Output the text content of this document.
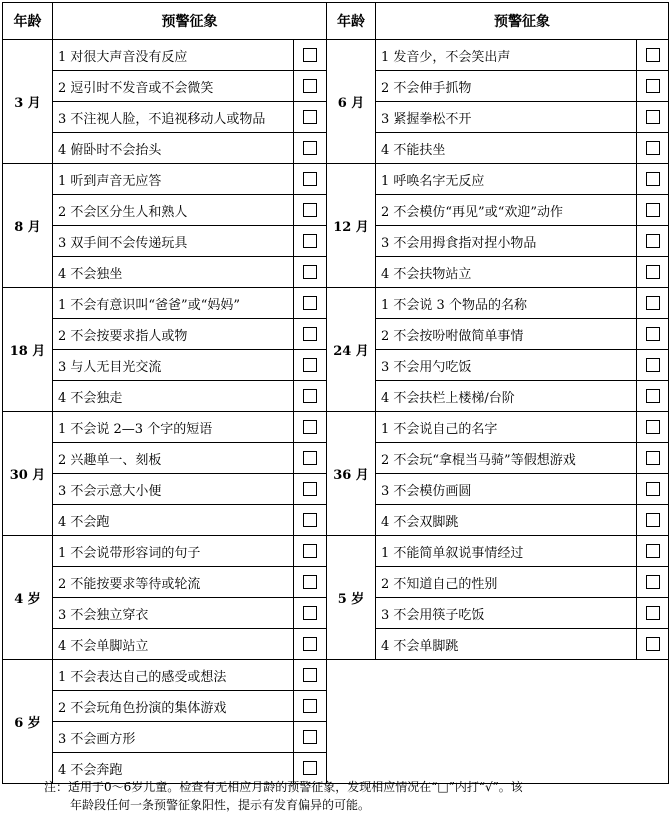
年龄	预警征象		年龄	预警征象	
3 月	1 对很大声音没有反应		6 月	1 发音少，不会笑出声	
	2 逗引时不发音或不会微笑			2 不会伸手抓物	
	3 不注视人脸，不追视移动人或物品			3 紧握拳松不开	
	4 俯卧时不会抬头			4 不能扶坐	
8 月	1 听到声音无应答		12 月	1 呼唤名字无反应	
	2 不会区分生人和熟人			2 不会模仿“再见”或“欢迎”动作	
	3 双手间不会传递玩具			3 不会用拇食指对捏小物品	
	4 不会独坐			4 不会扶物站立	
18 月	1 不会有意识叫“爸爸”或“妈妈”		24 月	1 不会说 3 个物品的名称	
	2 不会按要求指人或物			2 不会按吩咐做简单事情	
	3 与人无目光交流			3 不会用勺吃饭	
	4 不会独走			4 不会扶栏上楼梯/台阶	
30 月	1 不会说 2—3 个字的短语		36 月	1 不会说自己的名字	
	2 兴趣单一、刻板			2 不会玩“拿棍当马骑”等假想游戏	
	3 不会示意大小便			3 不会模仿画圆	
	4 不会跑			4 不会双脚跳	
4 岁	1 不会说带形容词的句子		5 岁	1 不能简单叙说事情经过	
	2 不能按要求等待或轮流			2 不知道自己的性别	
	3 不会独立穿衣			3 不会用筷子吃饭	
	4 不会单脚站立			4 不会单脚跳	
6 岁	1 不会表达自己的感受或想法				
	2 不会玩角色扮演的集体游戏				
	3 不会画方形				
	4 不会奔跑				
注：适用于0～6岁儿童。检查有无相应月龄的预警征象，发现相应情况在“□”内打“√”。该
年龄段任何一条预警征象阳性，提示有发育偏异的可能。
